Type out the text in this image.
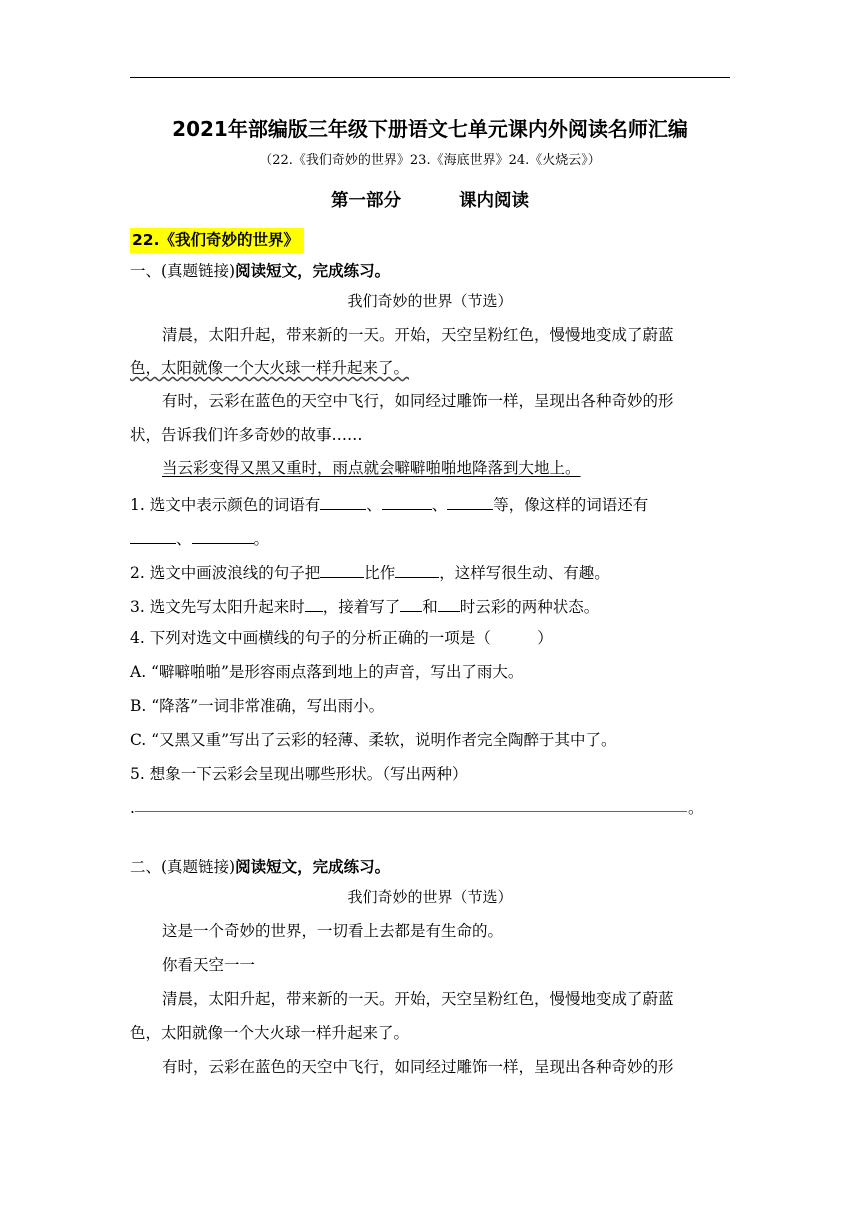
2021年部编版三年级下册语文七单元课内外阅读名师汇编
（22.《我们奇妙的世界》23.《海底世界》24.《火烧云》）
第一部分	课内阅读
22.《我们奇妙的世界》
一、(真题链接)阅读短文，完成练习。
我们奇妙的世界（节选）
清晨，太阳升起，带来新的一天。开始，天空呈粉红色，慢慢地变成了蔚蓝
色，太阳就像一个大火球一样升起来了。
有时，云彩在蓝色的天空中飞行，如同经过雕饰一样，呈现出各种奇妙的形
状，告诉我们许多奇妙的故事……
当云彩变得又黑又重时，雨点就会噼噼啪啪地降落到大地上。
1. 选文中表示颜色的词语有	、	、	等，像这样的词语还有
、	。
2. 选文中画波浪线的句子把	比作	，这样写很生动、有趣。
3. 选文先写太阳升起来时 ，接着写了 和 时云彩的两种状态。
4. 下列对选文中画横线的句子的分析正确的一项是（　　　）
A. “噼噼啪啪”是形容雨点落到地上的声音，写出了雨大。
B. “降落”一词非常准确，写出雨小。
C. “又黑又重”写出了云彩的轻薄、柔软，说明作者完全陶醉于其中了。
5. 想象一下云彩会呈现出哪些形状。（写出两种）
.	。
二、(真题链接)阅读短文，完成练习。
我们奇妙的世界（节选）
这是一个奇妙的世界，一切看上去都是有生命的。
你看天空一一
清晨，太阳升起，带来新的一天。开始，天空呈粉红色，慢慢地变成了蔚蓝
色，太阳就像一个大火球一样升起来了。
有时，云彩在蓝色的天空中飞行，如同经过雕饰一样，呈现出各种奇妙的形
